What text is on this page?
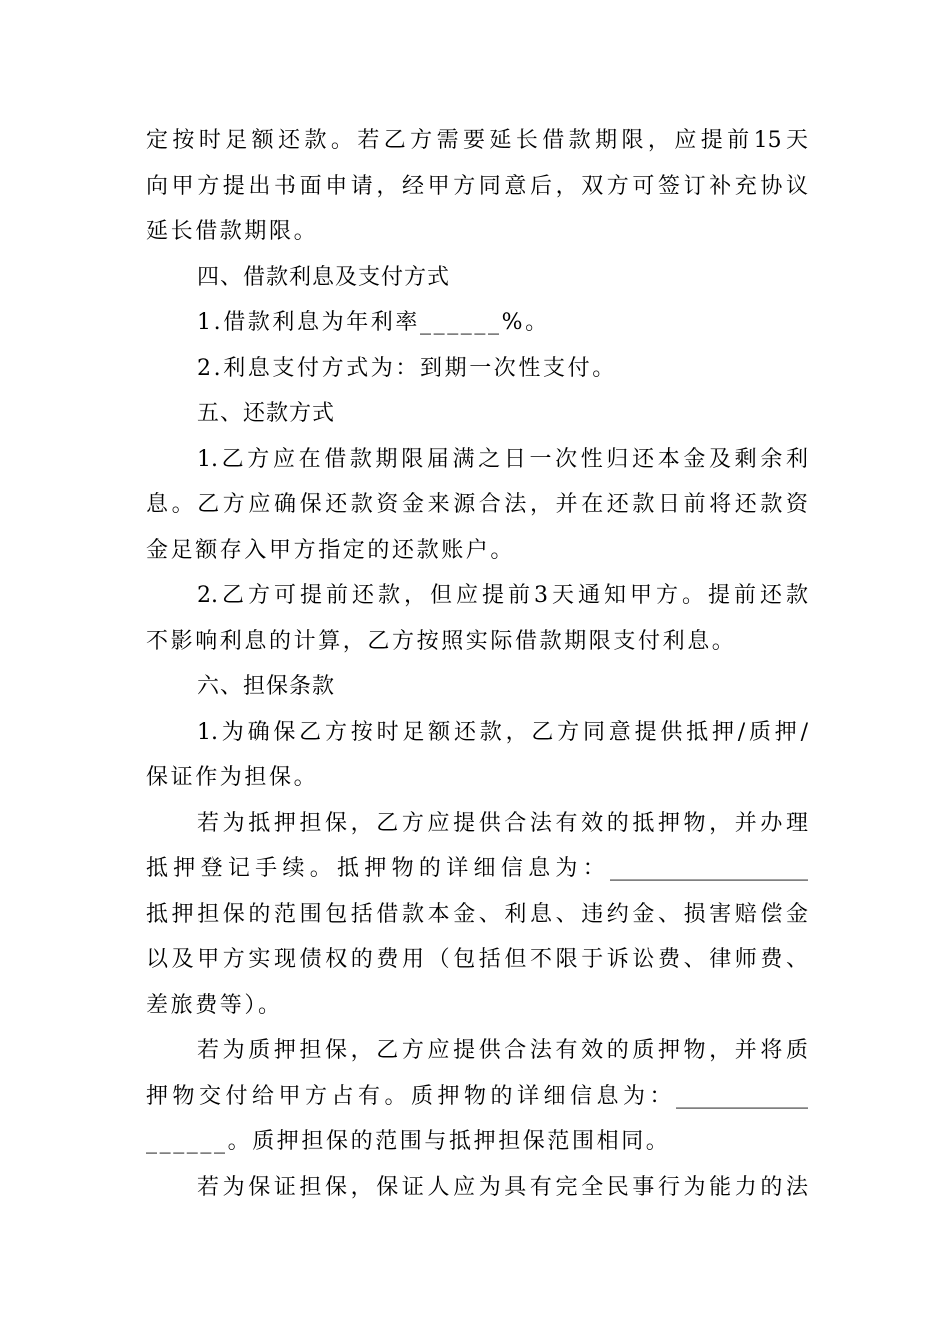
定按时足额还款。若乙方需要延长借款期限，应提前15天
向甲方提出书面申请，经甲方同意后，双方可签订补充协议
延长借款期限。
四、借款利息及支付方式
1.借款利息为年利率______%。
2.利息支付方式为：到期一次性支付。
五、还款方式
1.乙方应在借款期限届满之日一次性归还本金及剩余利
息。乙方应确保还款资金来源合法，并在还款日前将还款资
金足额存入甲方指定的还款账户。
2.乙方可提前还款，但应提前3天通知甲方。提前还款
不影响利息的计算，乙方按照实际借款期限支付利息。
六、担保条款
1.为确保乙方按时足额还款，乙方同意提供抵押/质押/
保证作为担保。
若为抵押担保，乙方应提供合法有效的抵押物，并办理
抵押登记手续。抵押物的详细信息为：__________________
抵押担保的范围包括借款本金、利息、违约金、损害赔偿金
以及甲方实现债权的费用（包括但不限于诉讼费、律师费、
差旅费等）。
若为质押担保，乙方应提供合法有效的质押物，并将质
押物交付给甲方占有。质押物的详细信息为：____________
______。质押担保的范围与抵押担保范围相同。
若为保证担保，保证人应为具有完全民事行为能力的法
